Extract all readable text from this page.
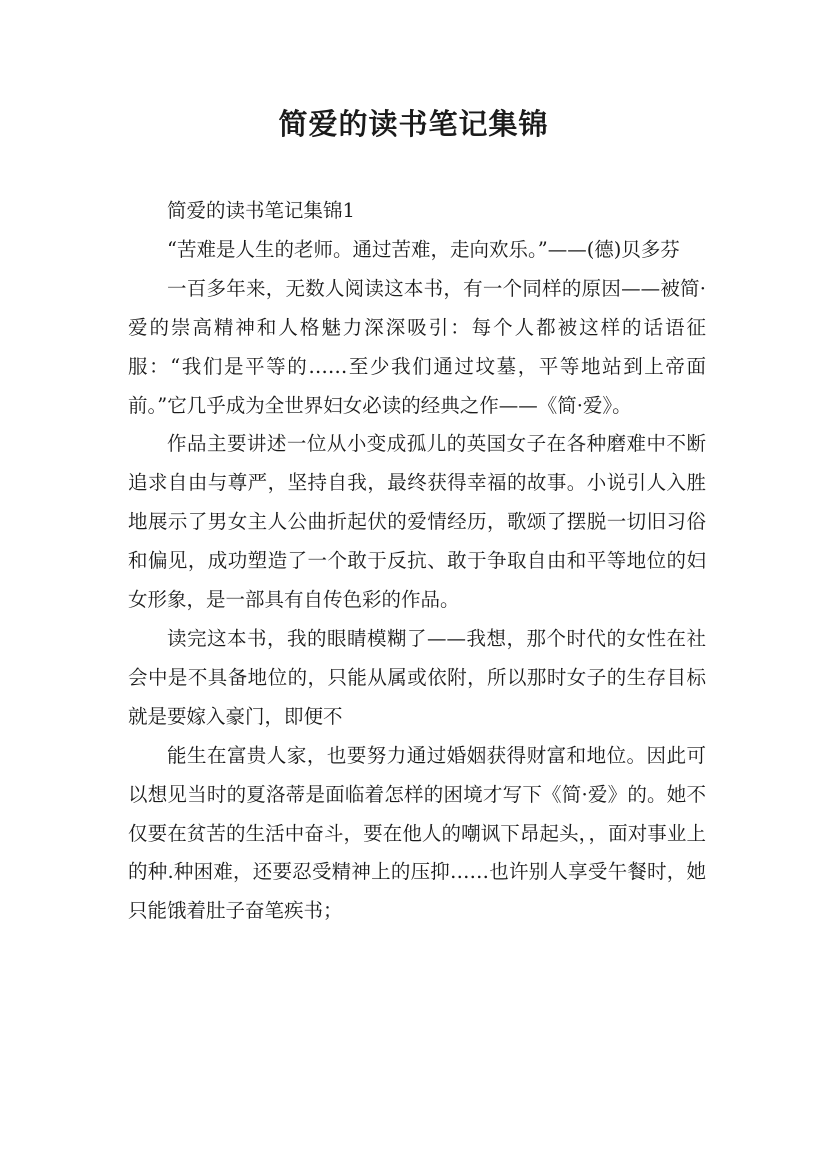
简爱的读书笔记集锦

简爱的读书笔记集锦1

“苦难是人生的老师。通过苦难，走向欢乐。”——(德)贝多芬

一百多年来，无数人阅读这本书，有一个同样的原因——被简·爱的崇高精神和人格魅力深深吸引：每个人都被这样的话语征服：“我们是平等的……至少我们通过坟墓，平等地站到上帝面前。”它几乎成为全世界妇女必读的经典之作——《简·爱》。

作品主要讲述一位从小变成孤儿的英国女子在各种磨难中不断追求自由与尊严，坚持自我，最终获得幸福的故事。小说引人入胜地展示了男女主人公曲折起伏的爱情经历，歌颂了摆脱一切旧习俗和偏见，成功塑造了一个敢于反抗、敢于争取自由和平等地位的妇女形象，是一部具有自传色彩的作品。

读完这本书，我的眼睛模糊了——我想，那个时代的女性在社会中是不具备地位的，只能从属或依附，所以那时女子的生存目标就是要嫁入豪门，即便不

能生在富贵人家，也要努力通过婚姻获得财富和地位。因此可以想见当时的夏洛蒂是面临着怎样的困境才写下《简·爱》的。她不仅要在贫苦的生活中奋斗，要在他人的嘲讽下昂起头，，面对事业上的种.种困难，还要忍受精神上的压抑……也许别人享受午餐时，她只能饿着肚子奋笔疾书；
